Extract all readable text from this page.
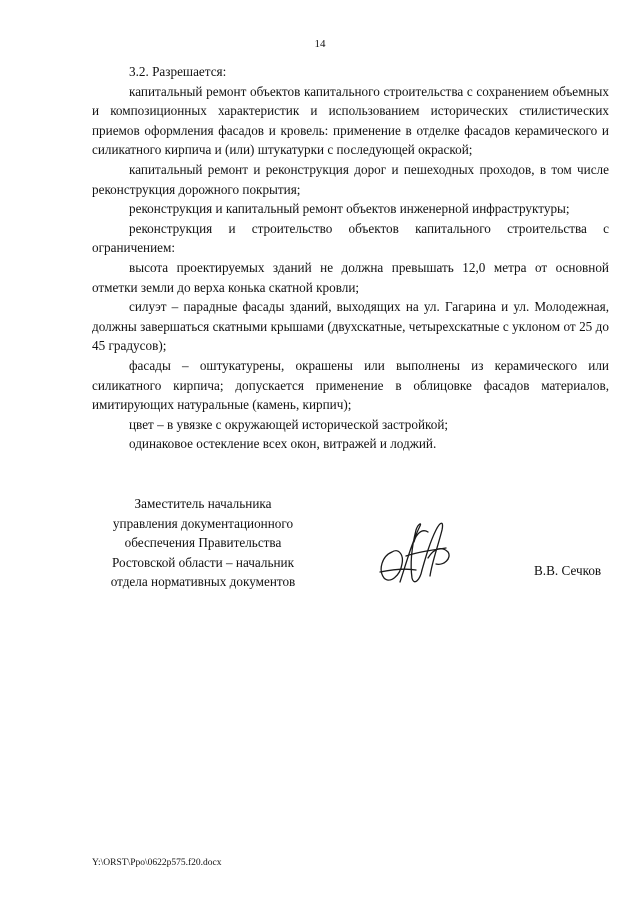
14

3.2. Разрешается:

капитальный ремонт объектов капитального строительства с сохранением объемных и композиционных характеристик и использованием исторических стилистических приемов оформления фасадов и кровель: применение в отделке фасадов керамического и силикатного кирпича и (или) штукатурки с последующей окраской;

капитальный ремонт и реконструкция дорог и пешеходных проходов, в том числе реконструкция дорожного покрытия;

реконструкция и капитальный ремонт объектов инженерной инфраструктуры;

реконструкция и строительство объектов капитального строительства с ограничением:

высота проектируемых зданий не должна превышать 12,0 метра от основной отметки земли до верха конька скатной кровли;

силуэт – парадные фасады зданий, выходящих на ул. Гагарина и ул. Молодежная, должны завершаться скатными крышами (двухскатные, четырехскатные с уклоном от 25 до 45 градусов);

фасады – оштукатурены, окрашены или выполнены из керамического или силикатного кирпича; допускается применение в облицовке фасадов материалов, имитирующих натуральные (камень, кирпич);

цвет – в увязке с окружающей исторической застройкой;

одинаковое остекление всех окон, витражей и лоджий.

Заместитель начальника
управления документационного
обеспечения Правительства
Ростовской области – начальник
отдела нормативных документов
В.В. Сечков
Y:\ORST\Ppo\0622p575.f20.docx
